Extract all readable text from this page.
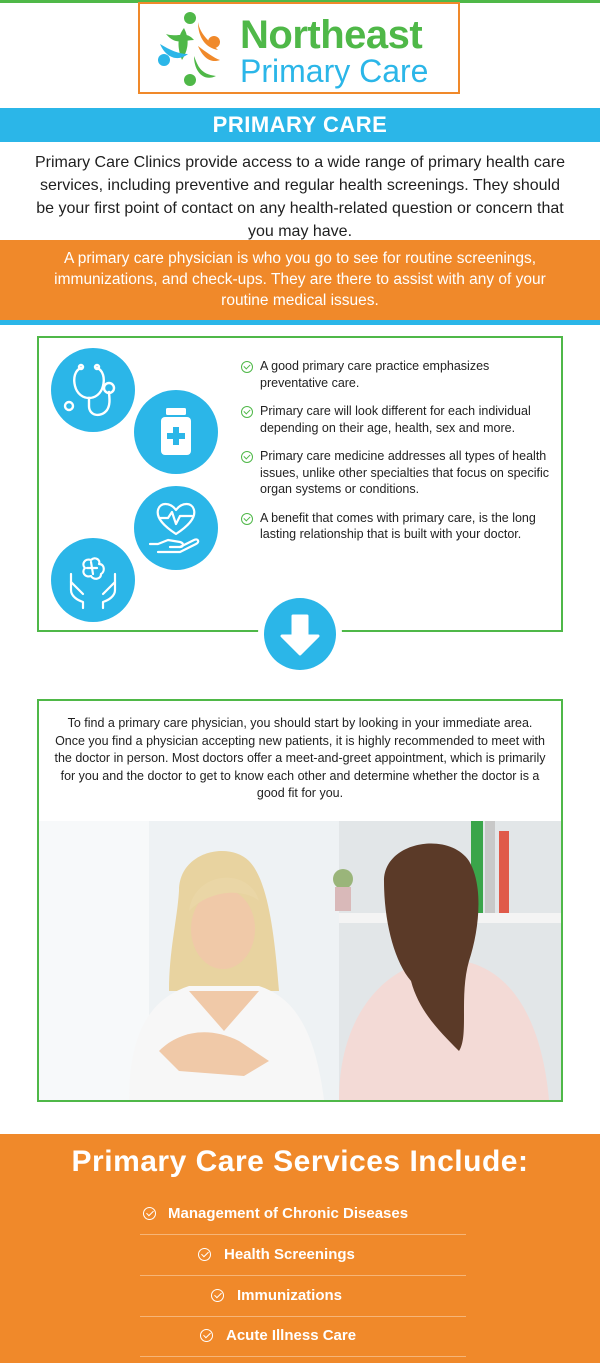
Northeast
Primary Care
PRIMARY CARE
Primary Care Clinics provide access to a wide range of primary health care services, including preventive and regular health screenings. They should be your first point of contact on any health-related question or concern that you may have.

A primary care physician is who you go to see for routine screenings, immunizations, and check-ups. They are there to assist with any of your routine medical issues.

A good primary care practice emphasizes preventative care.
Primary care will look different for each individual depending on their age, health, sex and more.
Primary care medicine addresses all types of health issues, unlike other specialties that focus on specific organ systems or conditions.
A benefit that comes with primary care, is the long lasting relationship that is built with your doctor.

To find a primary care physician, you should start by looking in your immediate area. Once you find a physician accepting new patients, it is highly recommended to meet with the doctor in person. Most doctors offer a meet-and-greet appointment, which is primarily for you and the doctor to get to know each other and determine whether the doctor is a good fit for you.

Primary Care Services Include:
Management of Chronic Diseases
Health Screenings
Immunizations
Acute Illness Care
